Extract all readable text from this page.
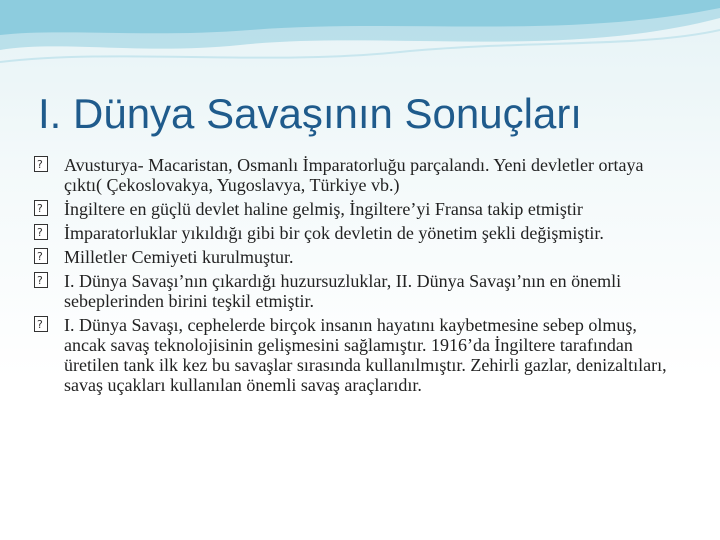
I. Dünya Savaşının Sonuçları
?
Avusturya- Macaristan, Osmanlı İmparatorluğu parçalandı. Yeni devletler ortaya çıktı( Çekoslovakya, Yugoslavya, Türkiye vb.)
?
İngiltere en güçlü devlet haline gelmiş, İngiltere’yi Fransa takip etmiştir
?
İmparatorluklar yıkıldığı gibi bir çok devletin de yönetim şekli değişmiştir.
?
Milletler Cemiyeti kurulmuştur.
?
I. Dünya Savaşı’nın çıkardığı huzursuzluklar, II. Dünya Savaşı’nın en önemli sebeplerinden birini teşkil etmiştir.
?
I. Dünya Savaşı, cephelerde birçok insanın hayatını kaybetmesine sebep olmuş, ancak savaş teknolojisinin gelişmesini sağlamıştır. 1916’da İngiltere tarafından üretilen tank ilk kez bu savaşlar sırasında kullanılmıştır. Zehirli gazlar, denizaltıları, savaş uçakları kullanılan önemli savaş araçlarıdır.
